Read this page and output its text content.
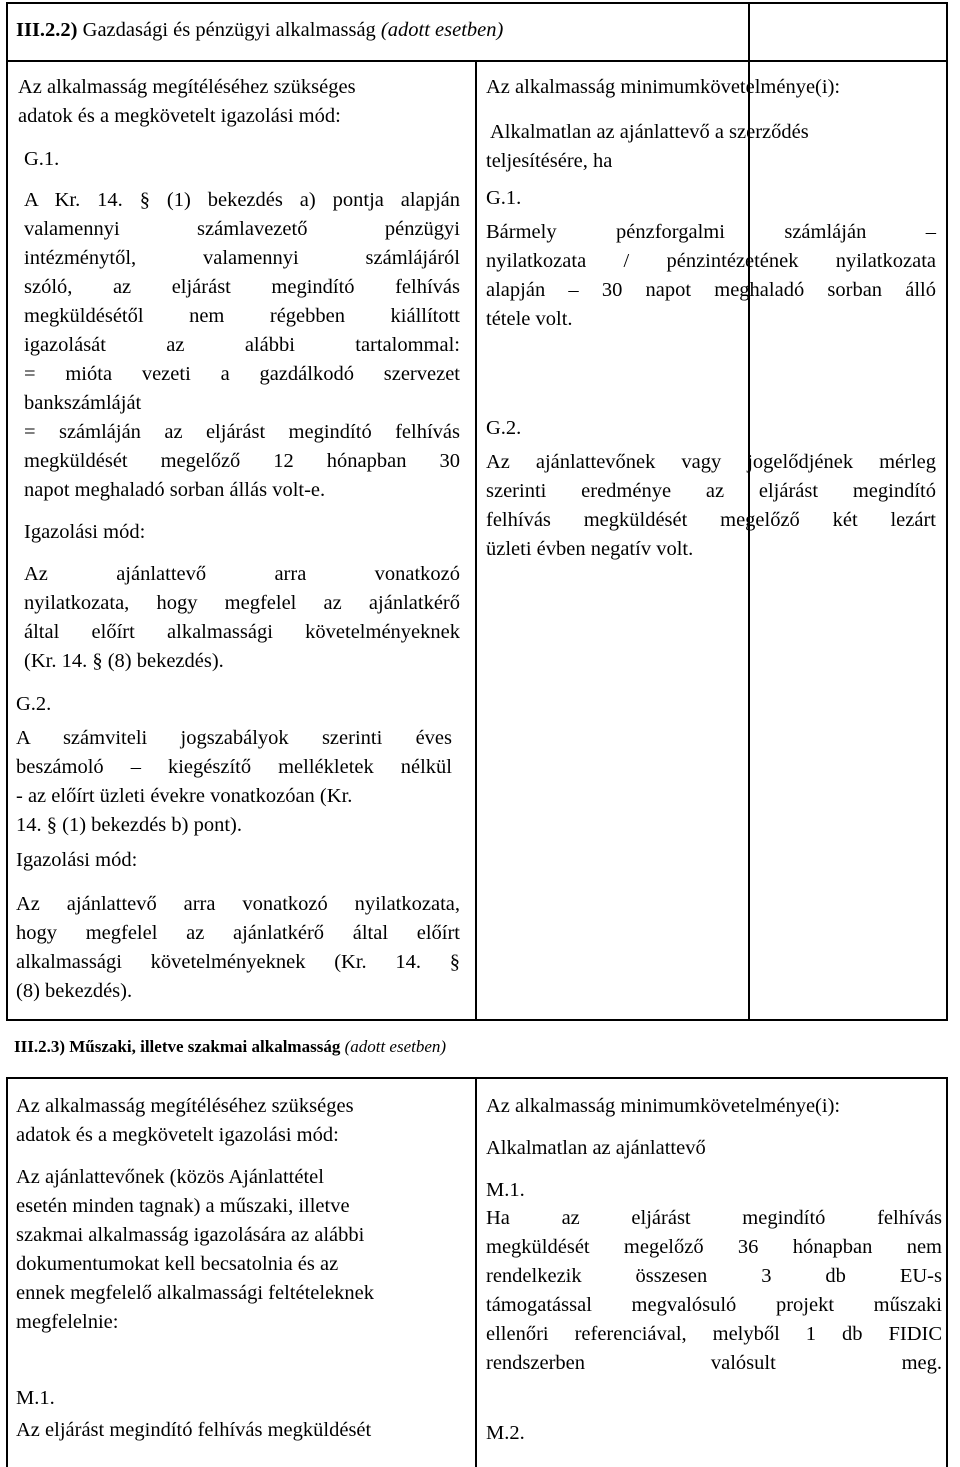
III.2.2) Gazdasági és pénzügyi alkalmasság (adott esetben)
Az alkalmasság megítéléséhez szükséges
adatok és a megkövetelt igazolási mód:
G.1.
A Kr. 14. § (1) bekezdés a) pontja alapján
valamennyi számlavezető pénzügyi
intézménytől, valamennyi számlájáról
szóló, az eljárást megindító felhívás
megküldésétől nem régebben kiállított
igazolását az alábbi tartalommal:
= mióta vezeti a gazdálkodó szervezet
bankszámláját
= számláján az eljárást megindító felhívás
megküldését megelőző 12 hónapban 30
napot meghaladó sorban állás volt-e.
Igazolási mód:
Az ajánlattevő arra vonatkozó
nyilatkozata, hogy megfelel az ajánlatkérő
által előírt alkalmassági követelményeknek
(Kr. 14. § (8) bekezdés).
G.2.
A számviteli jogszabályok szerinti éves
beszámoló – kiegészítő mellékletek nélkül
- az előírt üzleti évekre vonatkozóan (Kr.
14. § (1) bekezdés b) pont).
Igazolási mód:
Az ajánlattevő arra vonatkozó nyilatkozata,
hogy megfelel az ajánlatkérő által előírt
alkalmassági követelményeknek (Kr. 14. §
(8) bekezdés).
Az alkalmasság minimumkövetelménye(i):
Alkalmatlan az ajánlattevő a szerződés
teljesítésére, ha
G.1.
Bármely pénzforgalmi számláján –
nyilatkozata / pénzintézetének nyilatkozata
alapján – 30 napot meghaladó sorban álló
tétele volt.
G.2.
Az ajánlattevőnek vagy jogelődjének mérleg
szerinti eredménye az eljárást megindító
felhívás megküldését megelőző két lezárt
üzleti évben negatív volt.
III.2.3) Műszaki, illetve szakmai alkalmasság (adott esetben)
Az alkalmasság megítéléséhez szükséges
adatok és a megkövetelt igazolási mód:
Az ajánlattevőnek (közös Ajánlattétel
esetén minden tagnak) a műszaki, illetve
szakmai alkalmasság igazolására az alábbi
dokumentumokat kell becsatolnia és az
ennek megfelelő alkalmassági feltételeknek
megfelelnie:
M.1.
Az eljárást megindító felhívás megküldését
Az alkalmasság minimumkövetelménye(i):
Alkalmatlan az ajánlattevő
M.1.
Ha az eljárást megindító felhívás
megküldését megelőző 36 hónapban nem
rendelkezik összesen 3 db EU-s
támogatással megvalósuló projekt műszaki
ellenőri referenciával, melyből 1 db FIDIC
rendszerben valósult meg.
M.2.
